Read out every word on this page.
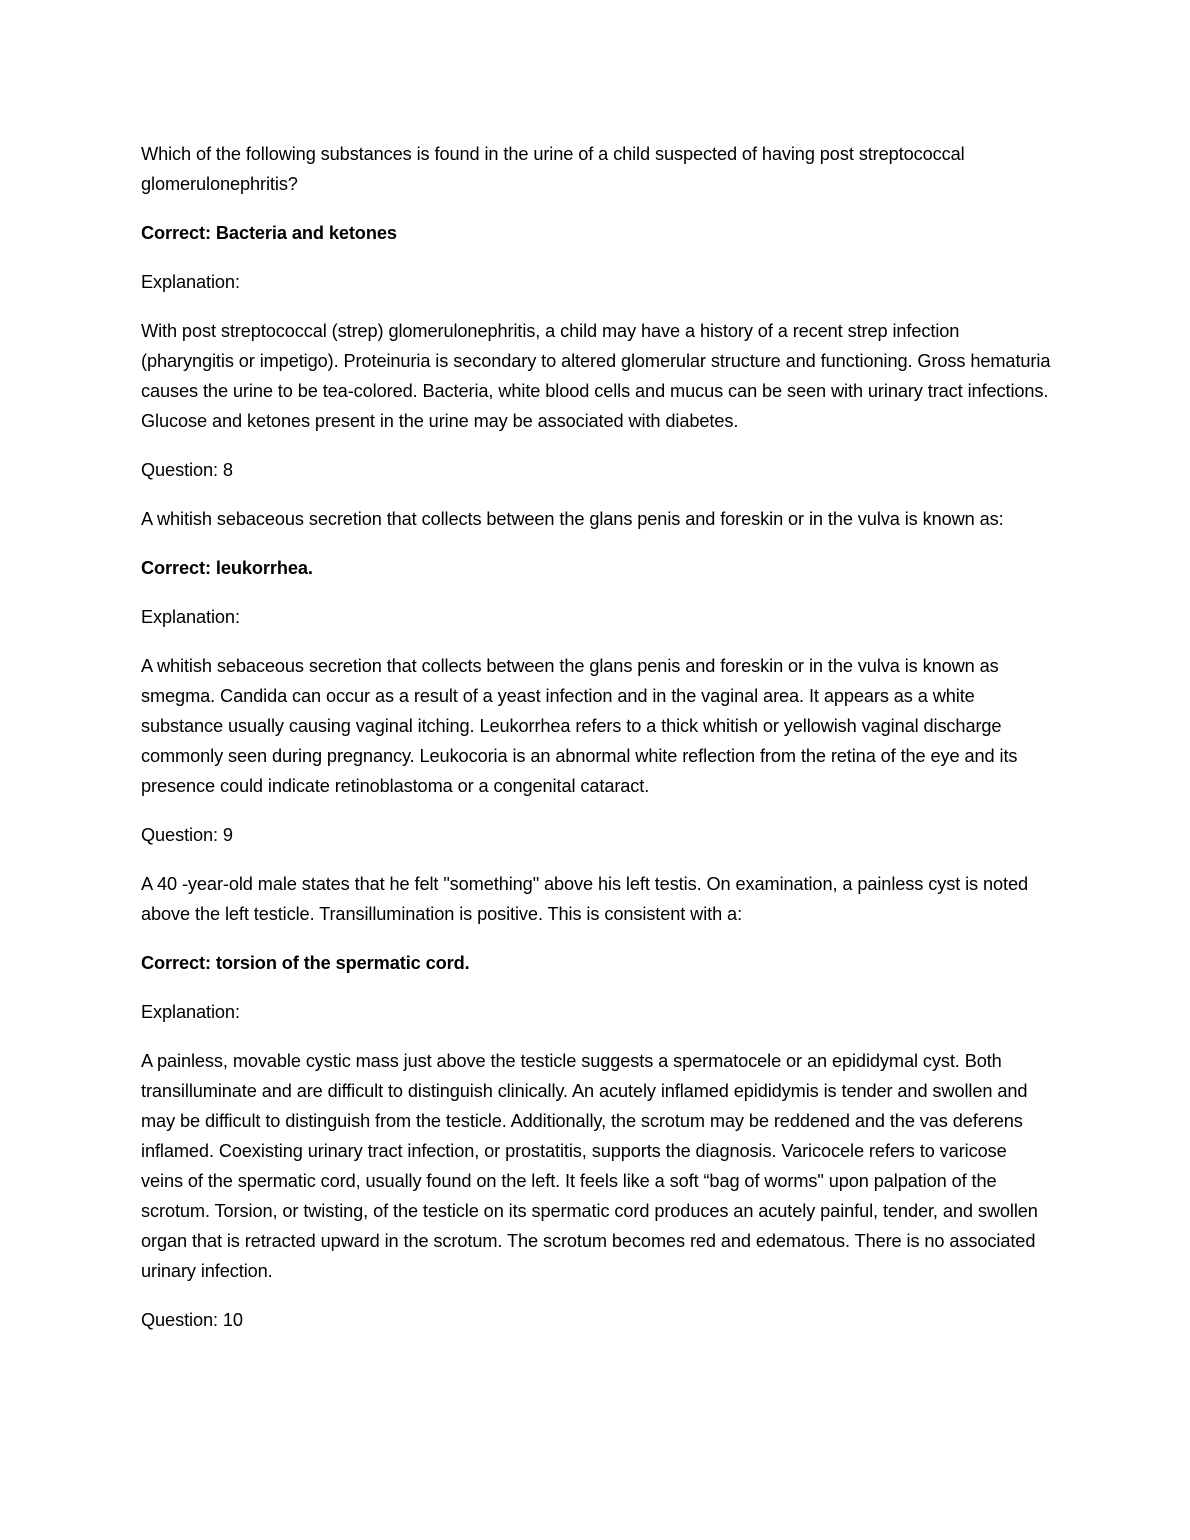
Which of the following substances is found in the urine of a child suspected of having post streptococcal glomerulonephritis?

Correct: Bacteria and ketones

Explanation:

With post streptococcal (strep) glomerulonephritis, a child may have a history of a recent strep infection (pharyngitis or impetigo). Proteinuria is secondary to altered glomerular structure and functioning. Gross hematuria causes the urine to be tea-colored. Bacteria, white blood cells and mucus can be seen with urinary tract infections. Glucose and ketones present in the urine may be associated with diabetes.

Question: 8

A whitish sebaceous secretion that collects between the glans penis and foreskin or in the vulva is known as:

Correct: leukorrhea.

Explanation:

A whitish sebaceous secretion that collects between the glans penis and foreskin or in the vulva is known as smegma. Candida can occur as a result of a yeast infection and in the vaginal area. It appears as a white substance usually causing vaginal itching. Leukorrhea refers to a thick whitish or yellowish vaginal discharge commonly seen during pregnancy. Leukocoria is an abnormal white reflection from the retina of the eye and its presence could indicate retinoblastoma or a congenital cataract.

Question: 9

A 40 -year-old male states that he felt "something" above his left testis. On examination, a painless cyst is noted above the left testicle. Transillumination is positive. This is consistent with a:

Correct: torsion of the spermatic cord.

Explanation:

A painless, movable cystic mass just above the testicle suggests a spermatocele or an epididymal cyst. Both transilluminate and are difficult to distinguish clinically. An acutely inflamed epididymis is tender and swollen and may be difficult to distinguish from the testicle. Additionally, the scrotum may be reddened and the vas deferens inflamed. Coexisting urinary tract infection, or prostatitis, supports the diagnosis. Varicocele refers to varicose veins of the spermatic cord, usually found on the left. It feels like a soft “bag of worms" upon palpation of the scrotum. Torsion, or twisting, of the testicle on its spermatic cord produces an acutely painful, tender, and swollen organ that is retracted upward in the scrotum. The scrotum becomes red and edematous. There is no associated urinary infection.

Question: 10
